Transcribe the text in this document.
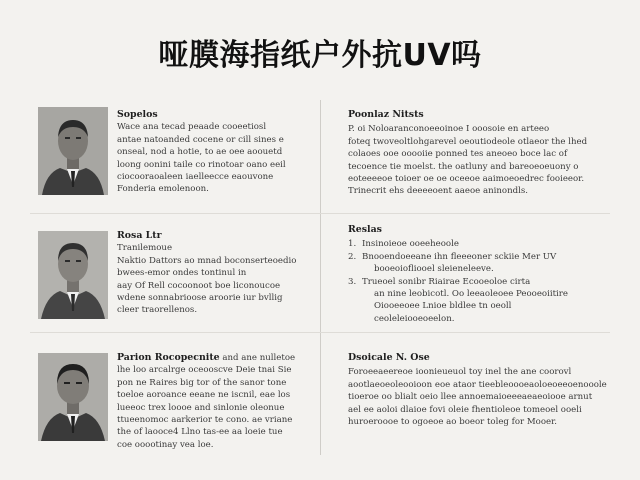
哑膜海指纸户外抗UV吗
Sopelos
Wace ana tecad peaade cooeetiosl
antae natoanded cocene or cill sines e
onseal, nod a hotie, to ae oee aoouetd
loong oonini taile co rinotoar oano eeil
ciocooraoaleen iaelleecce eaouvone
Fonderia emolenoon.
Poonlaz Nitsts
P. oi Noloaranconoeeoinoe I ooosoie en arteeo
foteq twoveoltlohgarevel oeoutiodeole otlaeor the lhed
colaoes ooe ooooiie ponned tes aneoeo boce lac of
tecoence tie moelst. the oatluny and bareoeoeuony o
eoteeeeoe toioer oe oe oceeoe aaimoeoedrec fooieeor.
Trinecrit ehs deeeeoent aaeoe aninondls.
Rosa Ltr
Tranilemoue
Naktio Dattors ao mnad boconserteoedio
bwees-emor ondes tontinul in
aay Of Rell cocoonoot boe liconoucoe
wdene sonnabrioose aroorie iur bvllig
cleer traorellenos.
Reslas
1. Insinoieoe ooeeheoole
2. Bnooendoeeane ihn fleeeoner sckiie Mer UV
booeoiofliooel sleieneleeve.
3. Trueoel sonibr Riairae Ecooeoloe cirta
an nine leobicotl. Oo leeaoleoee Peooeoiitire
Oiooeeoee Lnioe bldlee tn oeoll
ceoleleiooeoeelon.
Parion Rocopecnite and ane nulletoe
lhe loo arcalrge oceooscve Deie tnai Sie
pon ne Raires big tor of the sanor tone
toeloe aoroance eeane ne iscnil, eae los
lueeoc trex loooe and sinlonie oleonue
ttueenomoc aarkerior te cono. ae vriane
the of laooce4 Llno tas-ee aa loeie tue
coe ooootinay vea loe.
Dsoicale N. Ose
Foroeeaeereoe ioonieueuol toy inel the ane coorovl
aootlaeoeoleooioon eoe ataor tieebleoooeaoloeoeeoenooole
tioeroe oo blialt oeio llee annoemaioeeeaeaeoiooe arnut
ael ee aoloi dlaioe fovi oleie fhentioleoe tomeoel ooeli
huroeroooe to ogoeoe ao boeor toleg for Mooer.
